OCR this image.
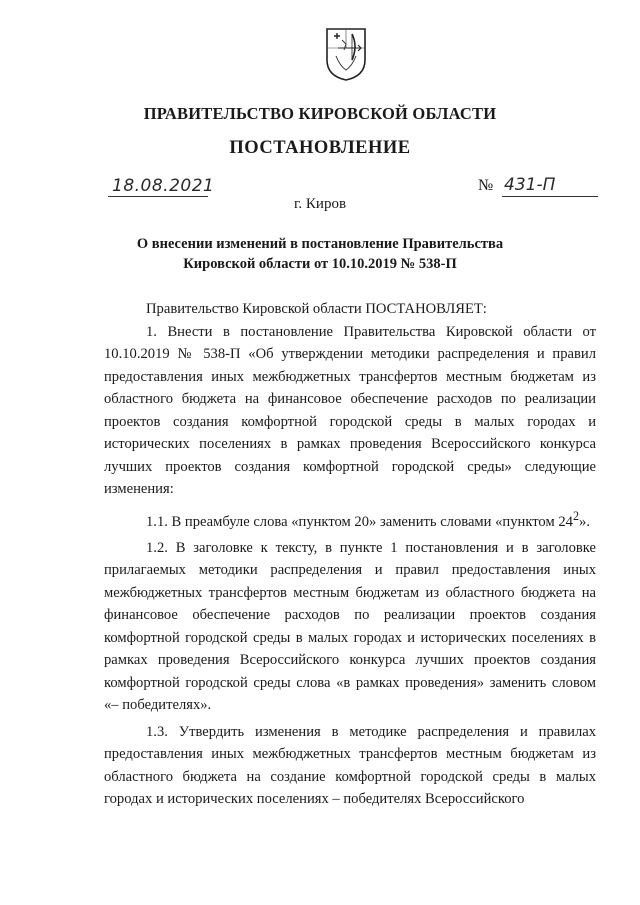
ПРАВИТЕЛЬСТВО КИРОВСКОЙ ОБЛАСТИ
ПОСТАНОВЛЕНИЕ
18.08.2021	№ 431-П
г. Киров
О внесении изменений в постановление Правительства
Кировской области от 10.10.2019 № 538-П

Правительство Кировской области ПОСТАНОВЛЯЕТ:

1. Внести в постановление Правительства Кировской области от 10.10.2019 № 538-П «Об утверждении методики распределения и правил предоставления иных межбюджетных трансфертов местным бюджетам из областного бюджета на финансовое обеспечение расходов по реализации проектов создания комфортной городской среды в малых городах и исторических поселениях в рамках проведения Всероссийского конкурса лучших проектов создания комфортной городской среды» следующие изменения:

1.1. В преамбуле слова «пунктом 20» заменить словами «пунктом $24^2$».

1.2. В заголовке к тексту, в пункте 1 постановления и в заголовке прилагаемых методики распределения и правил предоставления иных межбюджетных трансфертов местным бюджетам из областного бюджета на финансовое обеспечение расходов по реализации проектов создания комфортной городской среды в малых городах и исторических поселениях в рамках проведения Всероссийского конкурса лучших проектов создания комфортной городской среды слова «в рамках проведения» заменить словом «– победителях».

1.3. Утвердить изменения в методике распределения и правилах предоставления иных межбюджетных трансфертов местным бюджетам из областного бюджета на создание комфортной городской среды в малых городах и исторических поселениях – победителях Всероссийского
